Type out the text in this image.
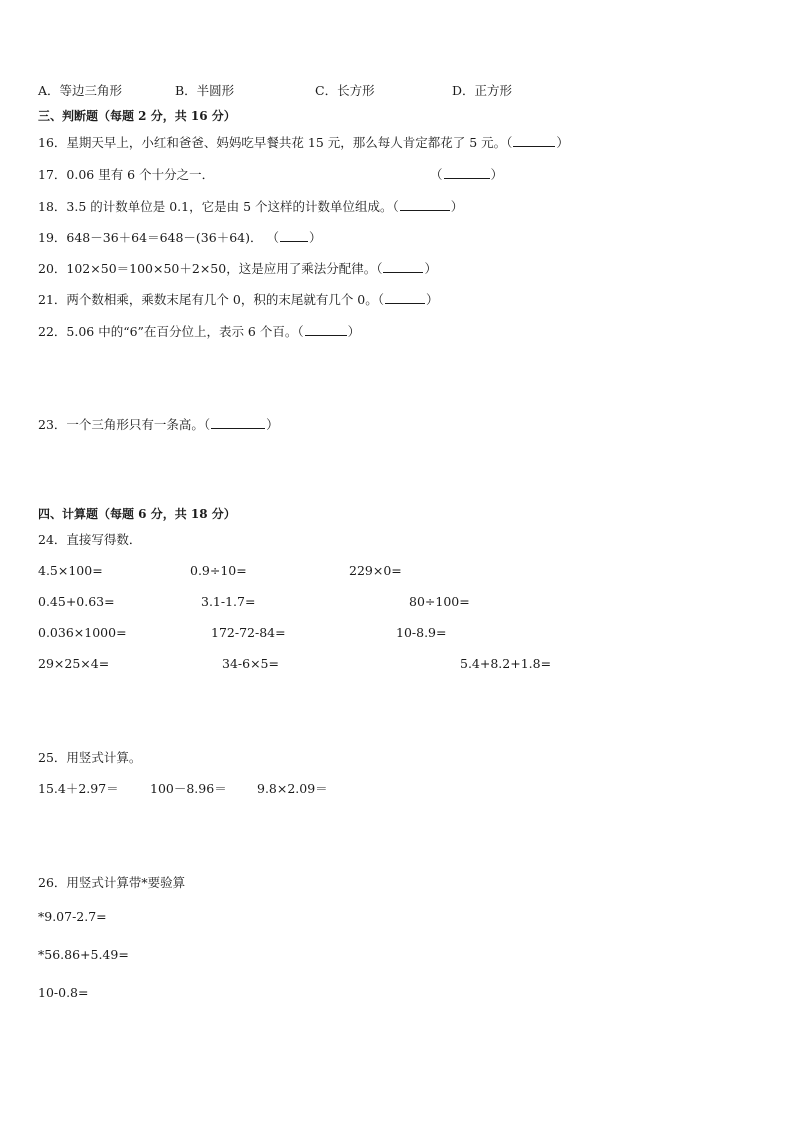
A．等边三角形	B．半圆形	C．长方形	D．正方形
三、判断题（每题 2 分，共 16 分）
16．星期天早上，小红和爸爸、妈妈吃早餐共花 15 元，那么每人肯定都花了 5 元。（	）
17．0.06 里有 6 个十分之一．	（	）
18．3.5 的计数单位是 0.1，它是由 5 个这样的计数单位组成。（	）
19．648－36＋64＝648－(36＋64)． （ ）
20．102×50＝100×50＋2×50，这是应用了乘法分配律。（	）
21．两个数相乘，乘数末尾有几个 0，积的末尾就有几个 0。（	）
22．5.06 中的“6”在百分位上，表示 6 个百。（	）
23．一个三角形只有一条高。（	）
四、计算题（每题 6 分，共 18 分）
24．直接写得数．
4.5×100=	0.9÷10=	229×0=
0.45+0.63=	3.1-1.7=	80÷100=
0.036×1000=	172-72-84=	10-8.9=
29×25×4=	34-6×5=	5.4+8.2+1.8=
25．用竖式计算。
15.4＋2.97＝	100－8.96＝ 9.8×2.09＝
26．用竖式计算带*要验算
*9.07-2.7=
*56.86+5.49=
10-0.8=
